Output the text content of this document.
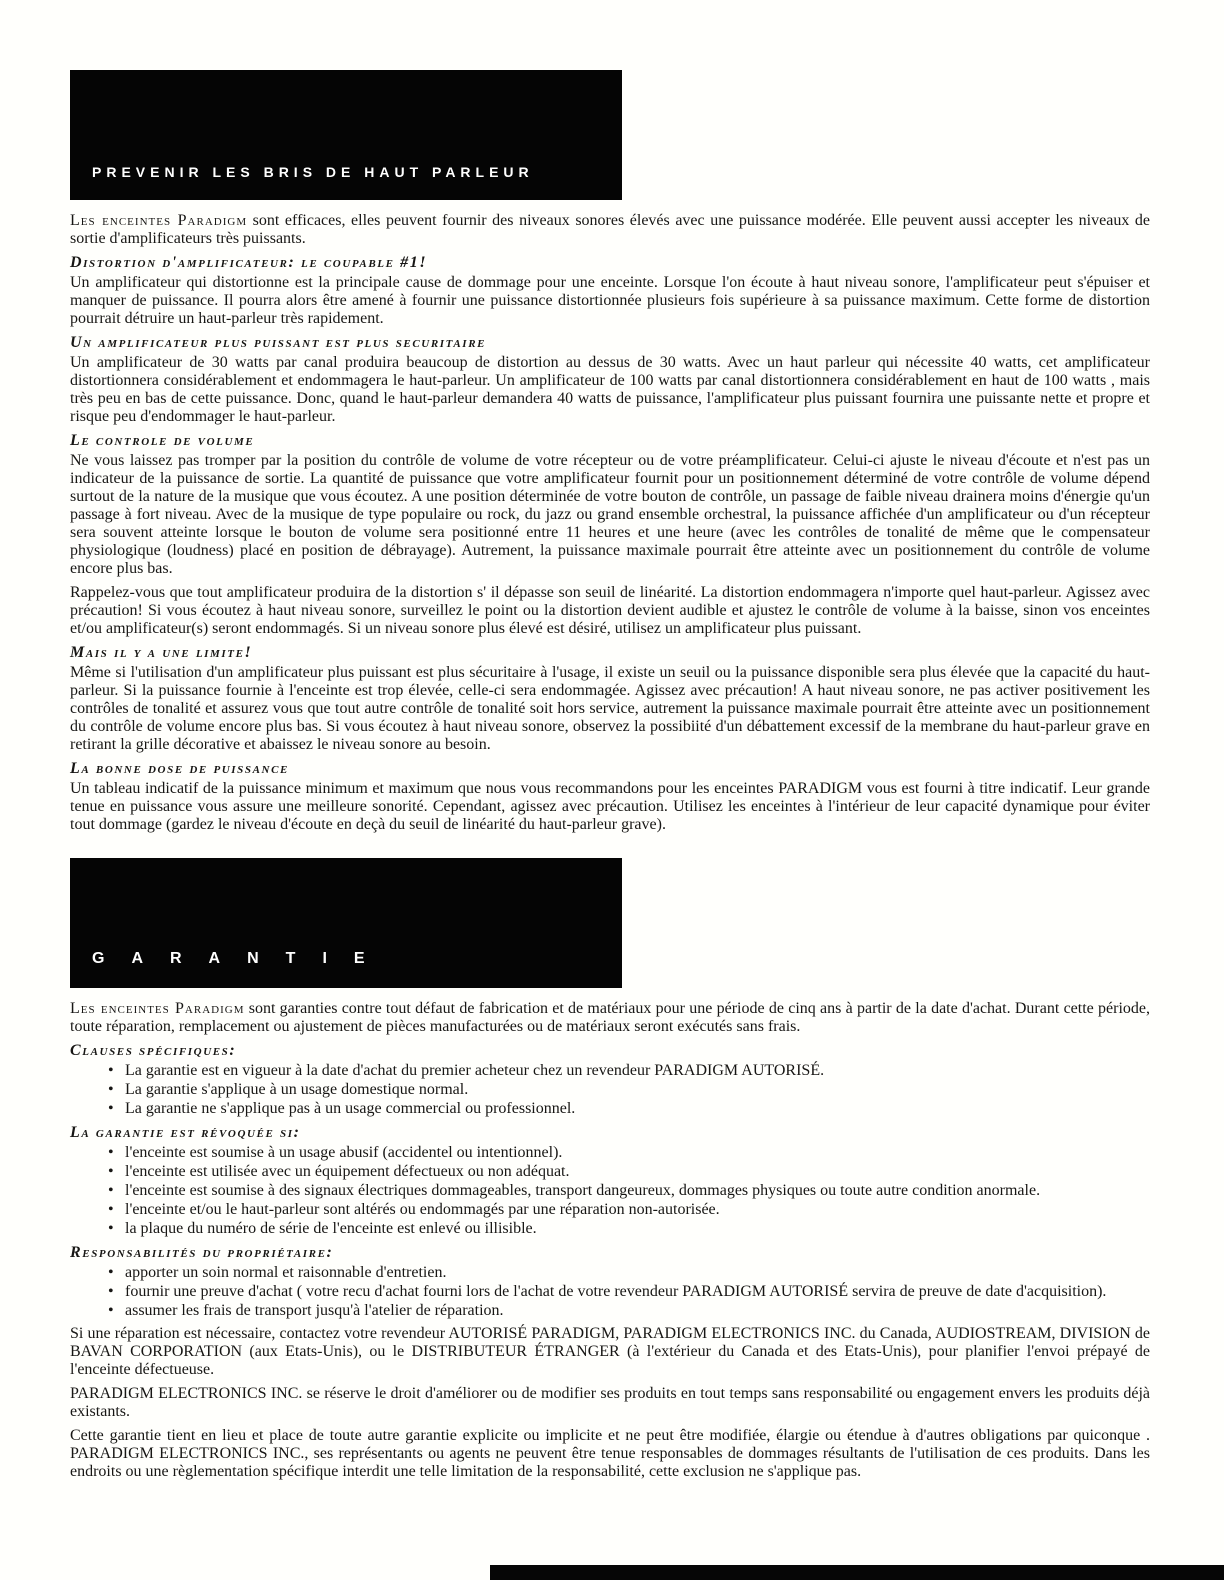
PREVENIR LES BRIS DE HAUT PARLEUR

Les enceintes Paradigm sont efficaces, elles peuvent fournir des niveaux sonores élevés avec une puissance modérée. Elle peuvent aussi accepter les niveaux de sortie d'amplificateurs très puissants.

Distortion d'amplificateur: le coupable #1!

Un amplificateur qui distortionne est la principale cause de dommage pour une enceinte. Lorsque l'on écoute à haut niveau sonore, l'amplificateur peut s'épuiser et manquer de puissance. Il pourra alors être amené à fournir une puissance distortionnée plusieurs fois supérieure à sa puissance maximum. Cette forme de distortion pourrait détruire un haut-parleur très rapidement.

Un amplificateur plus puissant est plus securitaire

Un amplificateur de 30 watts par canal produira beaucoup de distortion au dessus de 30 watts. Avec un haut parleur qui nécessite 40 watts, cet amplificateur distortionnera considérablement et endommagera le haut-parleur. Un amplificateur de 100 watts par canal distortionnera considérablement en haut de 100 watts , mais très peu en bas de cette puissance. Donc, quand le haut-parleur demandera 40 watts de puissance, l'amplificateur plus puissant fournira une puissante nette et propre et risque peu d'endommager le haut-parleur.

Le controle de volume

Ne vous laissez pas tromper par la position du contrôle de volume de votre récepteur ou de votre préamplificateur. Celui-ci ajuste le niveau d'écoute et n'est pas un indicateur de la puissance de sortie. La quantité de puissance que votre amplificateur fournit pour un positionnement déterminé de votre contrôle de volume dépend surtout de la nature de la musique que vous écoutez. A une position déterminée de votre bouton de contrôle, un passage de faible niveau drainera moins d'énergie qu'un passage à fort niveau. Avec de la musique de type populaire ou rock, du jazz ou grand ensemble orchestral, la puissance affichée d'un amplificateur ou d'un récepteur sera souvent atteinte lorsque le bouton de volume sera positionné entre 11 heures et une heure (avec les contrôles de tonalité de même que le compensateur physiologique (loudness) placé en position de débrayage). Autrement, la puissance maximale pourrait être atteinte avec un positionnement du contrôle de volume encore plus bas.

Rappelez-vous que tout amplificateur produira de la distortion s' il dépasse son seuil de linéarité. La distortion endommagera n'importe quel haut-parleur. Agissez avec précaution! Si vous écoutez à haut niveau sonore, surveillez le point ou la distortion devient audible et ajustez le contrôle de volume à la baisse, sinon vos enceintes et/ou amplificateur(s) seront endommagés. Si un niveau sonore plus élevé est désiré, utilisez un amplificateur plus puissant.

Mais il y a une limite!

Même si l'utilisation d'un amplificateur plus puissant est plus sécuritaire à l'usage, il existe un seuil ou la puissance disponible sera plus élevée que la capacité du haut-parleur. Si la puissance fournie à l'enceinte est trop élevée, celle-ci sera endommagée. Agissez avec précaution! A haut niveau sonore, ne pas activer positivement les contrôles de tonalité et assurez vous que tout autre contrôle de tonalité soit hors service, autrement la puissance maximale pourrait être atteinte avec un positionnement du contrôle de volume encore plus bas. Si vous écoutez à haut niveau sonore, observez la possibiité d'un débattement excessif de la membrane du haut-parleur grave en retirant la grille décorative et abaissez le niveau sonore au besoin.

La bonne dose de puissance

Un tableau indicatif de la puissance minimum et maximum que nous vous recommandons pour les enceintes PARADIGM vous est fourni à titre indicatif. Leur grande tenue en puissance vous assure une meilleure sonorité. Cependant, agissez avec précaution. Utilisez les enceintes à l'intérieur de leur capacité dynamique pour éviter tout dommage (gardez le niveau d'écoute en deçà du seuil de linéarité du haut-parleur grave).

GARANTIE

Les enceintes Paradigm sont garanties contre tout défaut de fabrication et de matériaux pour une période de cinq ans à partir de la date d'achat. Durant cette période, toute réparation, remplacement ou ajustement de pièces manufacturées ou de matériaux seront exécutés sans frais.

Clauses spécifiques:
• La garantie est en vigueur à la date d'achat du premier acheteur chez un revendeur PARADIGM AUTORISÉ.
• La garantie s'applique à un usage domestique normal.
• La garantie ne s'applique pas à un usage commercial ou professionnel.
La garantie est révoquée si:
• l'enceinte est soumise à un usage abusif (accidentel ou intentionnel).
• l'enceinte est utilisée avec un équipement défectueux ou non adéquat.
• l'enceinte est soumise à des signaux électriques dommageables, transport dangeureux, dommages physiques ou toute autre condition anormale.
• l'enceinte et/ou le haut-parleur sont altérés ou endommagés par une réparation non-autorisée.
• la plaque du numéro de série de l'enceinte est enlevé ou illisible.
Responsabilités du propriétaire:
• apporter un soin normal et raisonnable d'entretien.
• fournir une preuve d'achat ( votre recu d'achat fourni lors de l'achat de votre revendeur PARADIGM AUTORISÉ servira de preuve de date d'acquisition).
• assumer les frais de transport jusqu'à l'atelier de réparation.

Si une réparation est nécessaire, contactez votre revendeur AUTORISÉ PARADIGM, PARADIGM ELECTRONICS INC. du Canada, AUDIOSTREAM, DIVISION de BAVAN CORPORATION (aux Etats-Unis), ou le DISTRIBUTEUR ÉTRANGER (à l'extérieur du Canada et des Etats-Unis), pour planifier l'envoi prépayé de l'enceinte défectueuse.

PARADIGM ELECTRONICS INC. se réserve le droit d'améliorer ou de modifier ses produits en tout temps sans responsabilité ou engagement envers les produits déjà existants.

Cette garantie tient en lieu et place de toute autre garantie explicite ou implicite et ne peut être modifiée, élargie ou étendue à d'autres obligations par quiconque . PARADIGM ELECTRONICS INC., ses représentants ou agents ne peuvent être tenue responsables de dommages résultants de l'utilisation de ces produits. Dans les endroits ou une règlementation spécifique interdit une telle limitation de la responsabilité, cette exclusion ne s'applique pas.
